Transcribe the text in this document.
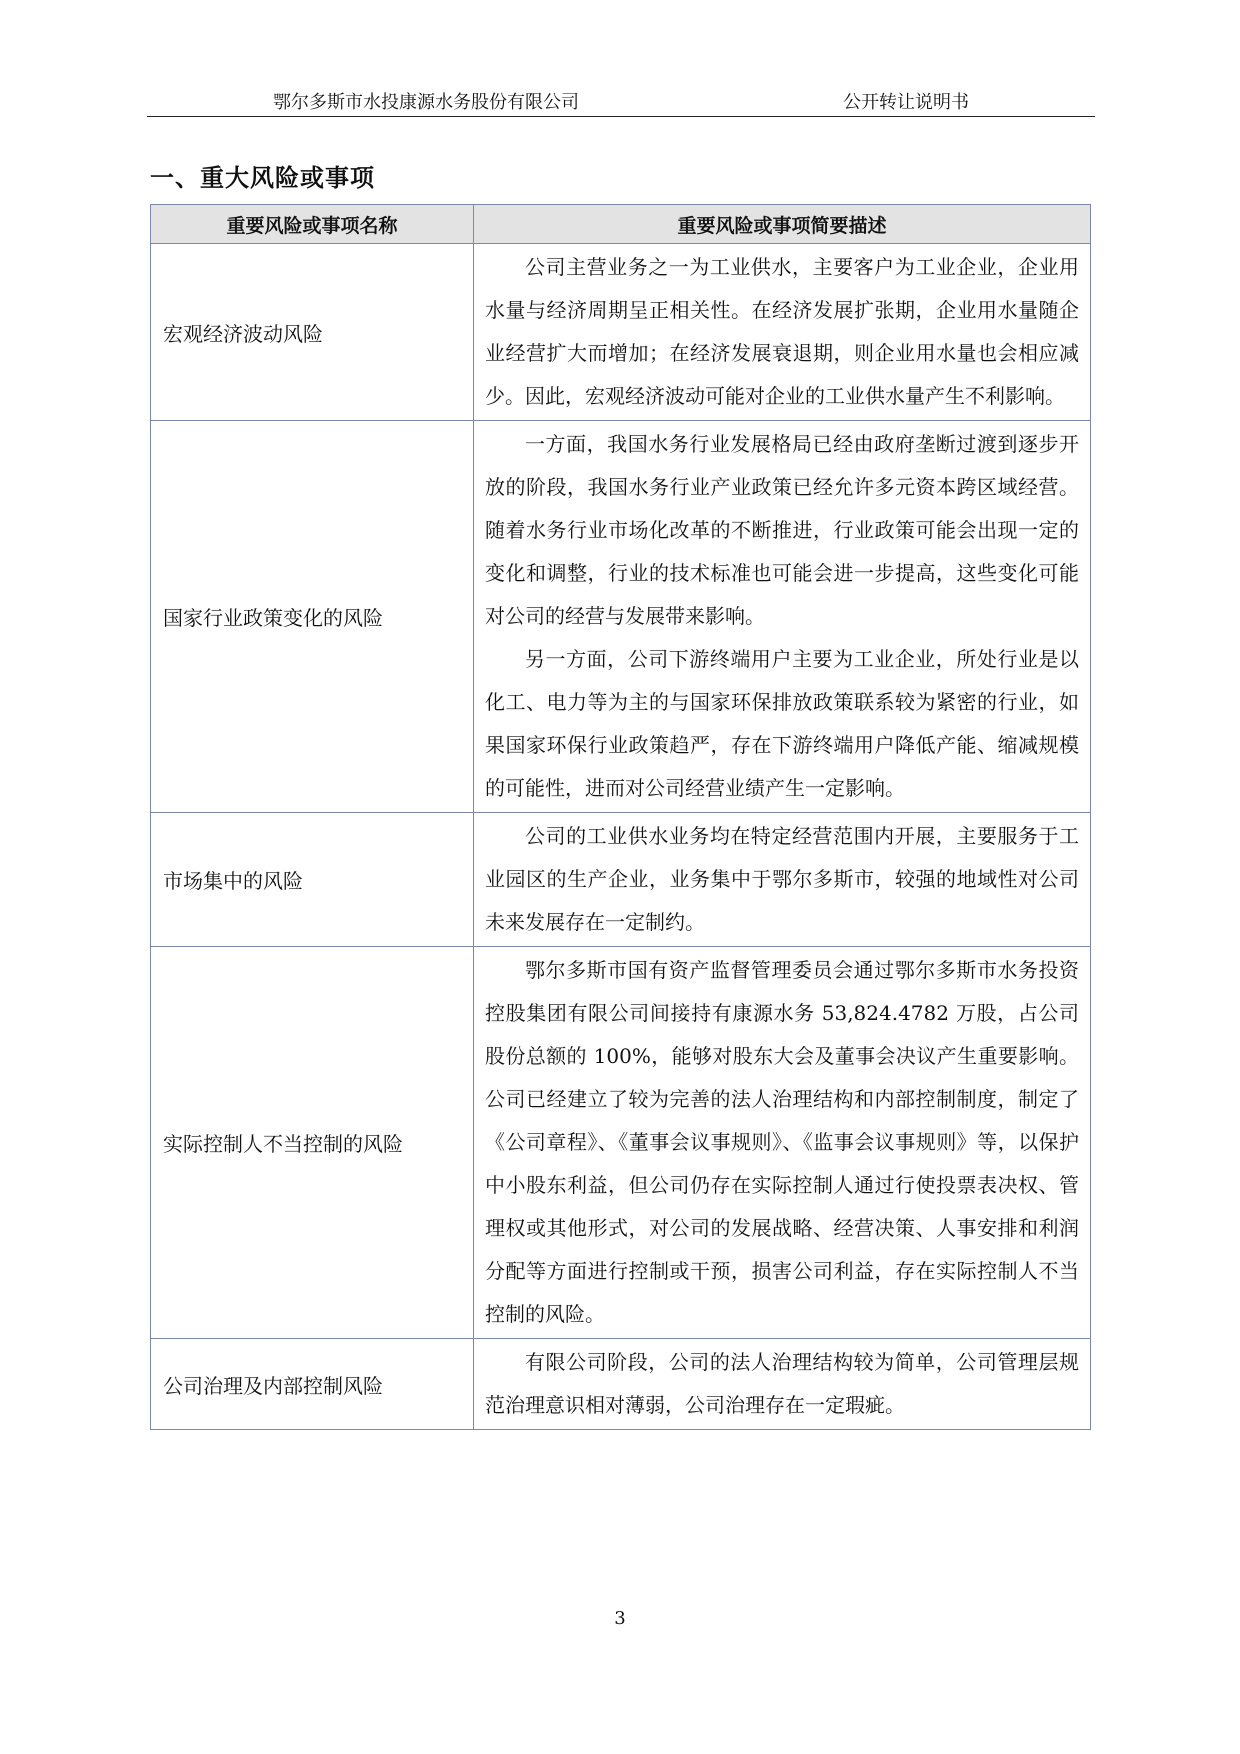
鄂尔多斯市水投康源水务股份有限公司	公开转让说明书
一、重大风险或事项
重要风险或事项名称	重要风险或事项简要描述
宏观经济波动风险	公司主营业务之一为工业供水，主要客户为工业企业，企业用水量与经济周期呈正相关性。在经济发展扩张期，企业用水量随企业经营扩大而增加；在经济发展衰退期，则企业用水量也会相应减少。因此，宏观经济波动可能对企业的工业供水量产生不利影响。

国家行业政策变化的风险	一方面，我国水务行业发展格局已经由政府垄断过渡到逐步开放的阶段，我国水务行业产业政策已经允许多元资本跨区域经营。随着水务行业市场化改革的不断推进，行业政策可能会出现一定的变化和调整，行业的技术标准也可能会进一步提高，这些变化可能对公司的经营与发展带来影响。

另一方面，公司下游终端用户主要为工业企业，所处行业是以化工、电力等为主的与国家环保排放政策联系较为紧密的行业，如果国家环保行业政策趋严，存在下游终端用户降低产能、缩减规模的可能性，进而对公司经营业绩产生一定影响。

市场集中的风险	公司的工业供水业务均在特定经营范围内开展，主要服务于工业园区的生产企业，业务集中于鄂尔多斯市，较强的地域性对公司未来发展存在一定制约。

实际控制人不当控制的风险	鄂尔多斯市国有资产监督管理委员会通过鄂尔多斯市水务投资控股集团有限公司间接持有康源水务 53,824.4782 万股，占公司股份总额的 100%，能够对股东大会及董事会决议产生重要影响。公司已经建立了较为完善的法人治理结构和内部控制制度，制定了《公司章程》、《董事会议事规则》、《监事会议事规则》等，以保护中小股东利益，但公司仍存在实际控制人通过行使投票表决权、管理权或其他形式，对公司的发展战略、经营决策、人事安排和利润分配等方面进行控制或干预，损害公司利益，存在实际控制人不当控制的风险。

公司治理及内部控制风险	有限公司阶段，公司的法人治理结构较为简单，公司管理层规范治理意识相对薄弱，公司治理存在一定瑕疵。

3
